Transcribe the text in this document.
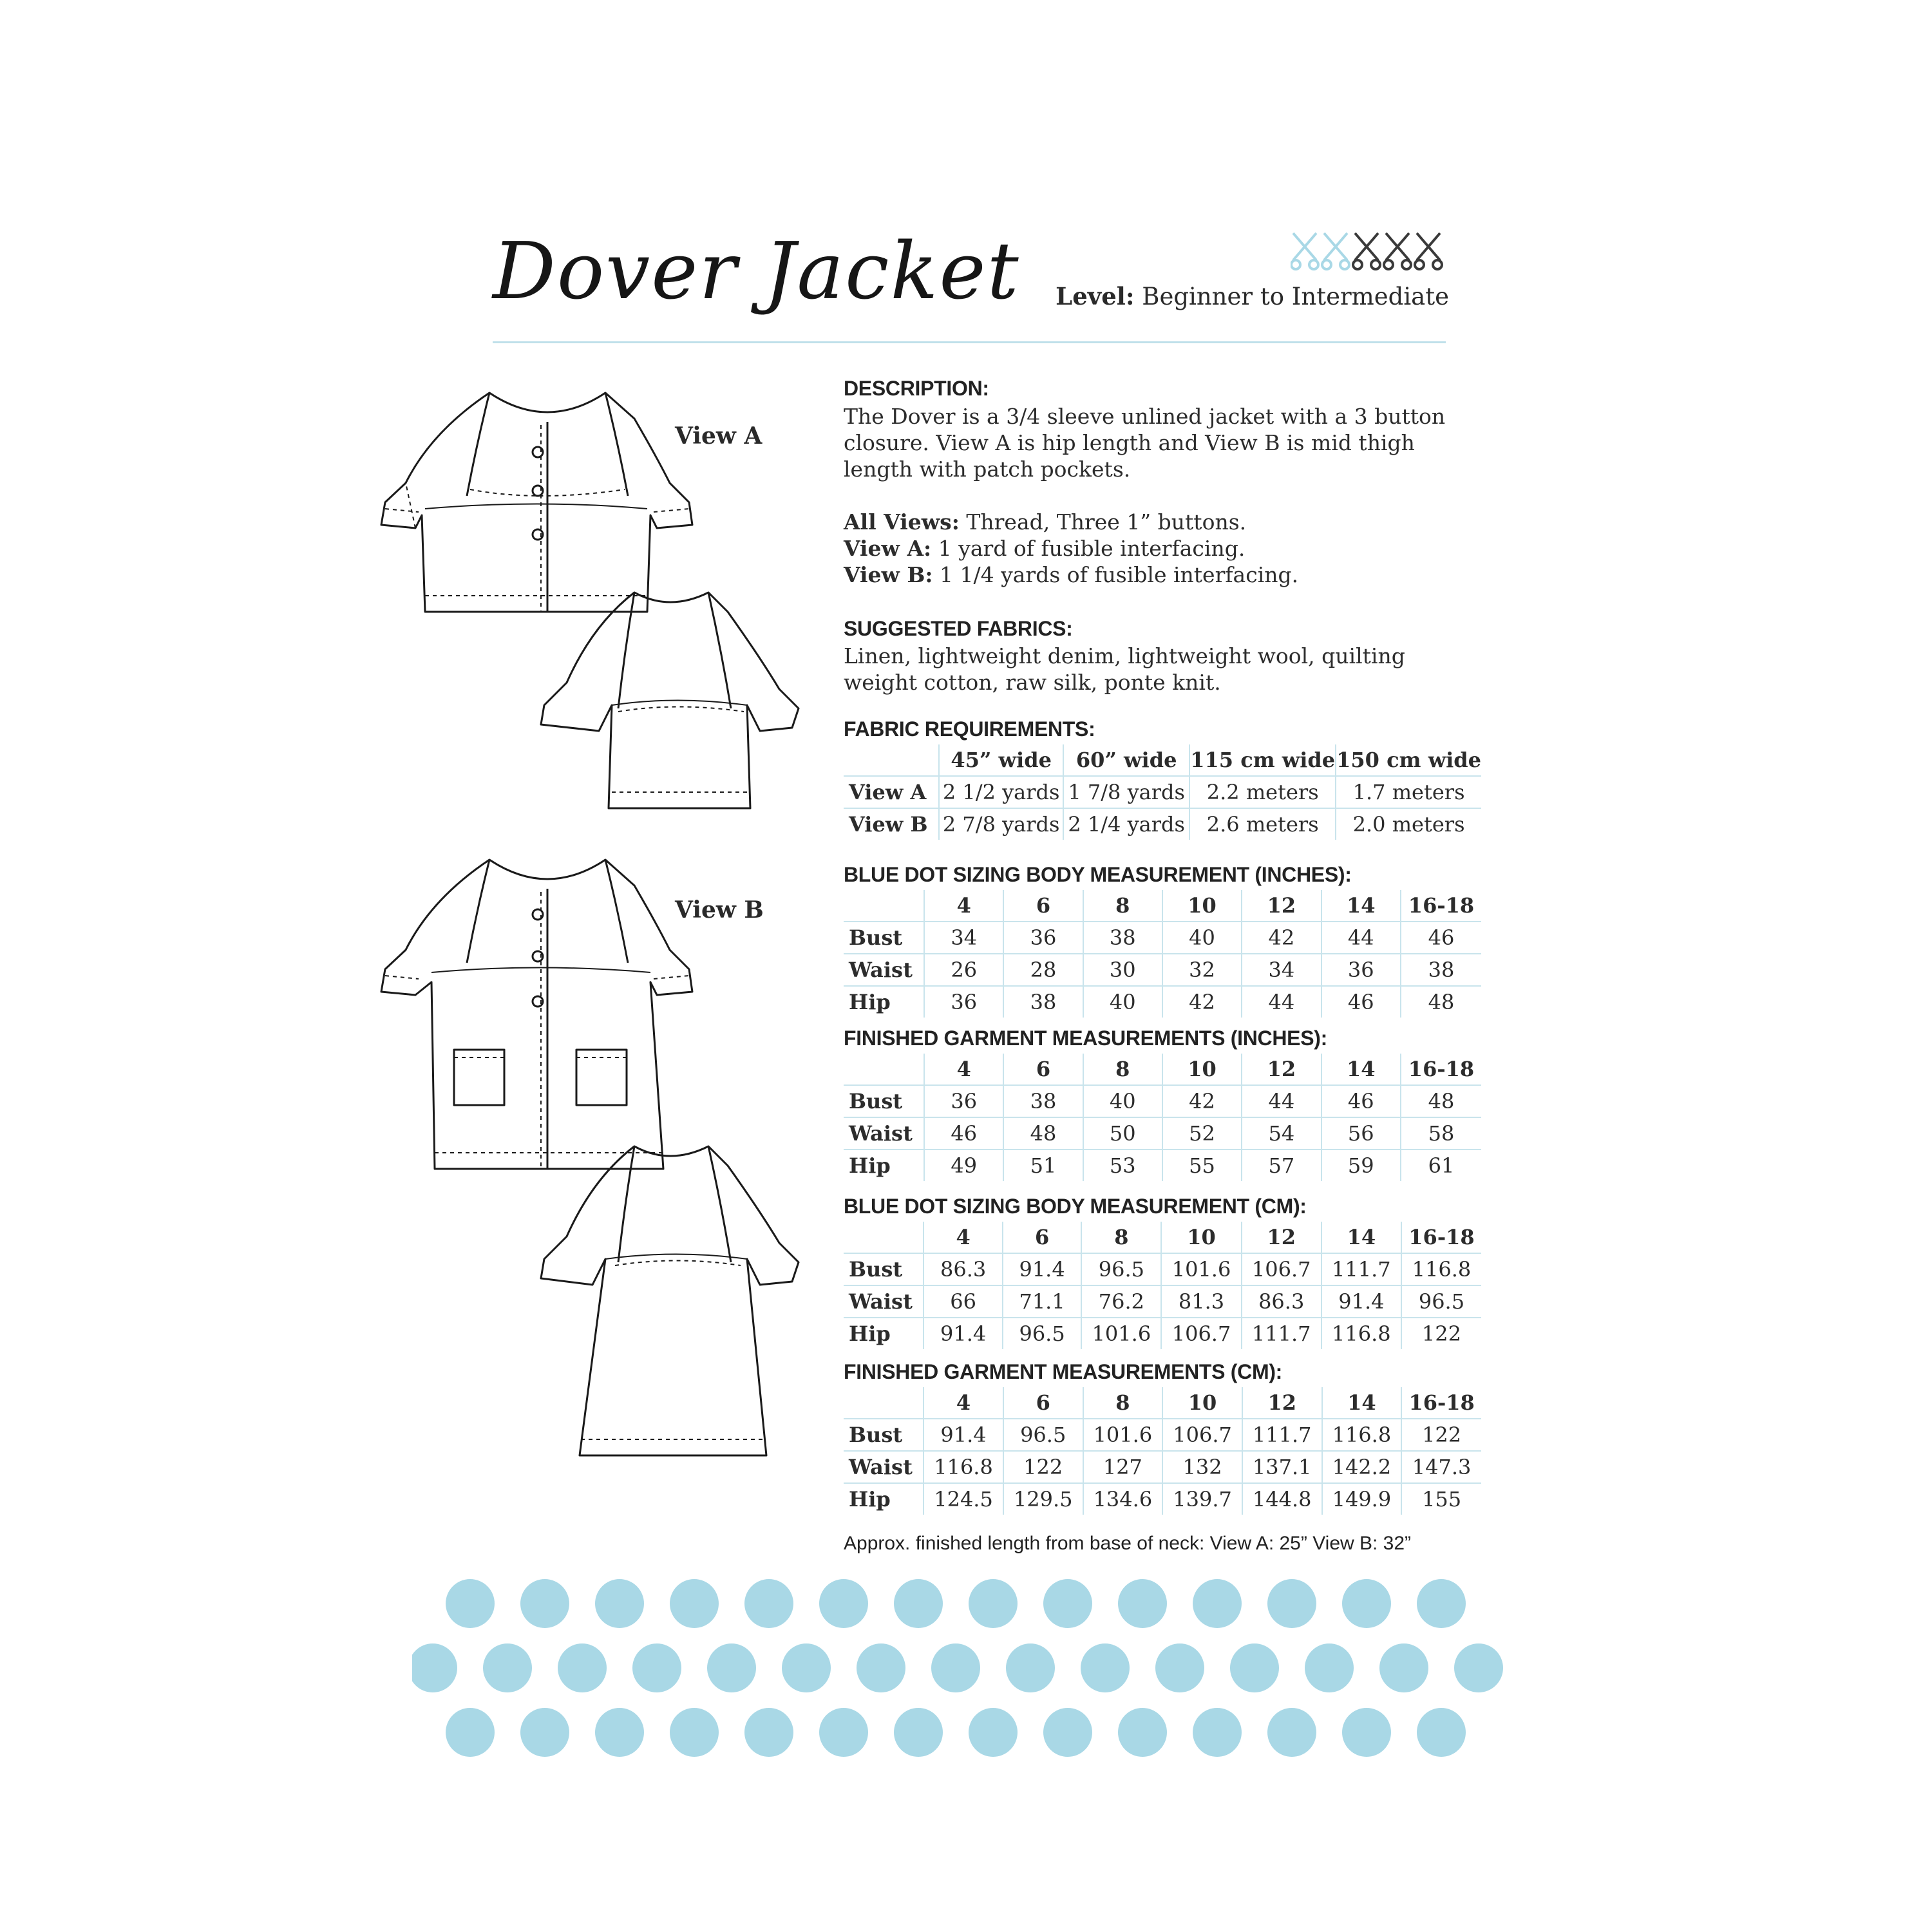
Dover Jacket Level: Beginner to Intermediate
View A
View B
DESCRIPTION:
The Dover is a 3/4 sleeve unlined jacket with a 3 button
closure. View A is hip length and View B is mid thigh
length with patch pockets.
All Views: Thread, Three 1” buttons.
View A: 1 yard of fusible interfacing.
View B: 1 1/4 yards of fusible interfacing.
SUGGESTED FABRICS:
Linen, lightweight denim, lightweight wool, quilting
weight cotton, raw silk, ponte knit.
FABRIC REQUIREMENTS:
	45” wide	60” wide	115 cm wide	150 cm wide
View A	2 1/2 yards	1 7/8 yards	2.2 meters	1.7 meters
View B	2 7/8 yards	2 1/4 yards	2.6 meters	2.0 meters
BLUE DOT SIZING BODY MEASUREMENT (INCHES):
	4	6	8	10	12	14	16-18
Bust	34	36	38	40	42	44	46
Waist	26	28	30	32	34	36	38
Hip	36	38	40	42	44	46	48
FINISHED GARMENT MEASUREMENTS (INCHES):
	4	6	8	10	12	14	16-18
Bust	36	38	40	42	44	46	48
Waist	46	48	50	52	54	56	58
Hip	49	51	53	55	57	59	61
BLUE DOT SIZING BODY MEASUREMENT (CM):
	4	6	8	10	12	14	16-18
Bust	86.3	91.4	96.5	101.6	106.7	111.7	116.8
Waist	66	71.1	76.2	81.3	86.3	91.4	96.5
Hip	91.4	96.5	101.6	106.7	111.7	116.8	122
FINISHED GARMENT MEASUREMENTS (CM):
	4	6	8	10	12	14	16-18
Bust	91.4	96.5	101.6	106.7	111.7	116.8	122
Waist	116.8	122	127	132	137.1	142.2	147.3
Hip	124.5	129.5	134.6	139.7	144.8	149.9	155
Approx. finished length from base of neck: View A: 25” View B: 32”
